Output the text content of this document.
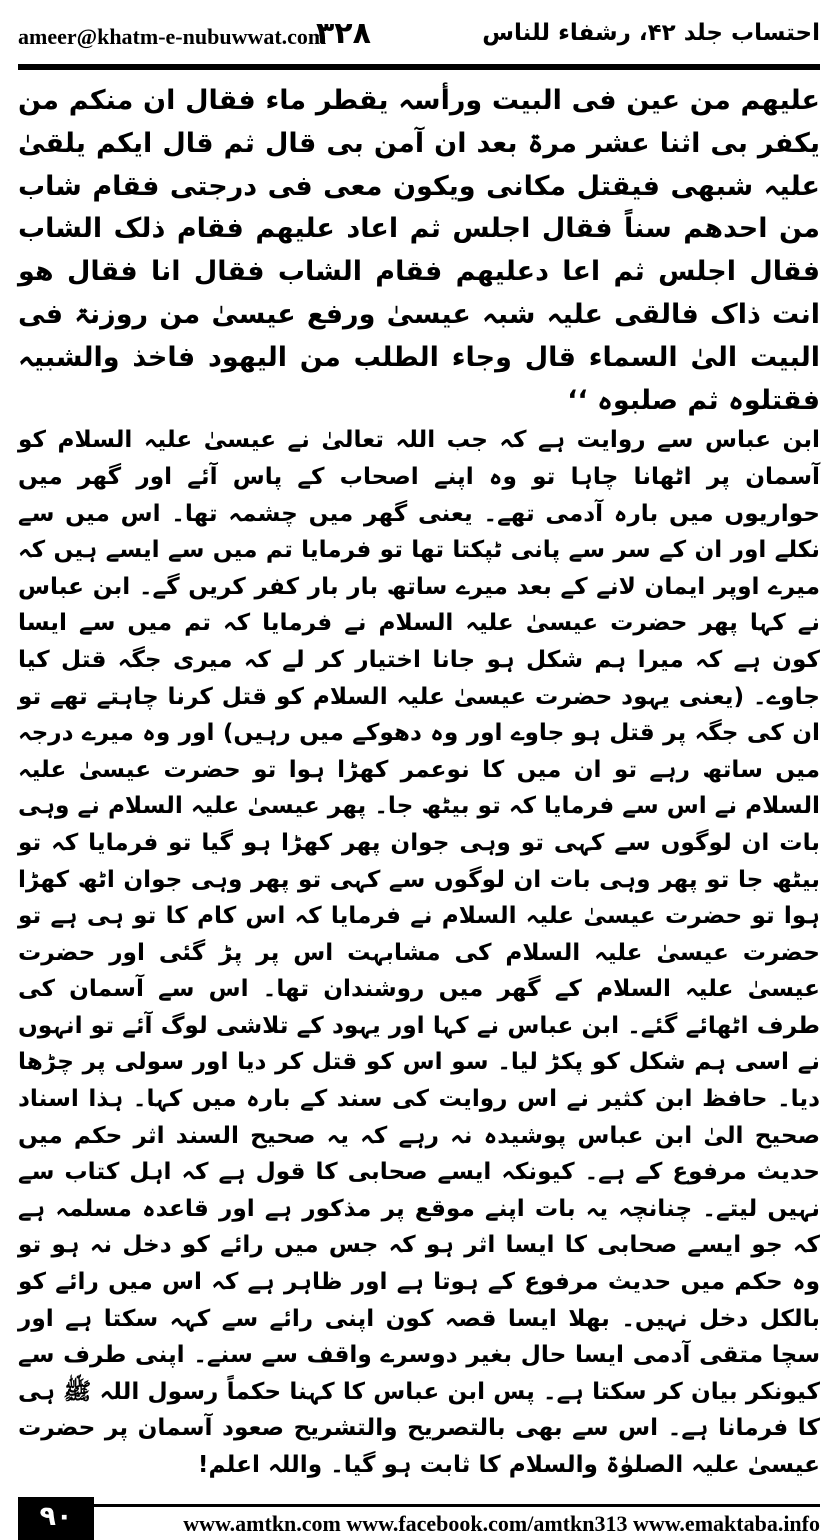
ameer@khatm-e-nubuwwat.com
۳۲۸	احتساب جلد ۴۲، رشفاء للناس

علیھم من عین فی البیت ورأسہ یقطر ماء فقال ان منکم من یکفر بی اثنا عشر مرۃ بعد ان آمن بی قال ثم قال ایکم یلقیٰ علیہ شبھی فیقتل مکانی ویکون معی فی درجتی فقام شاب من احدھم سناً فقال اجلس ثم اعاد علیھم فقام ذلک الشاب فقال اجلس ثم اعا دعلیھم فقام الشاب فقال انا فقال ھو انت ذاک فالقی علیہ شبہ عیسیٰ ورفع عیسیٰ من روزنۃ فی البیت الیٰ السماء قال وجاء الطلب من الیھود فاخذ والشبیہ فقتلوہ ثم صلبوہ ‘‘

ابن عباس سے روایت ہے کہ جب اللہ تعالیٰ نے عیسیٰ علیہ السلام کو آسمان پر اٹھانا چاہا تو وہ اپنے اصحاب کے پاس آئے اور گھر میں حواریوں میں بارہ آدمی تھے۔ یعنی گھر میں چشمہ تھا۔ اس میں سے نکلے اور ان کے سر سے پانی ٹپکتا تھا تو فرمایا تم میں سے ایسے ہیں کہ میرے اوپر ایمان لانے کے بعد میرے ساتھ بار بار کفر کریں گے۔ ابن عباس نے کہا پھر حضرت عیسیٰ علیہ السلام نے فرمایا کہ تم میں سے ایسا کون ہے کہ میرا ہم شکل ہو جانا اختیار کر لے کہ میری جگہ قتل کیا جاوے۔ (یعنی یہود حضرت عیسیٰ علیہ السلام کو قتل کرنا چاہتے تھے تو ان کی جگہ پر قتل ہو جاوے اور وہ دھوکے میں رہیں) اور وہ میرے درجہ میں ساتھ رہے تو ان میں کا نوعمر کھڑا ہوا تو حضرت عیسیٰ علیہ السلام نے اس سے فرمایا کہ تو بیٹھ جا۔ پھر عیسیٰ علیہ السلام نے وہی بات ان لوگوں سے کہی تو وہی جوان پھر کھڑا ہو گیا تو فرمایا کہ تو بیٹھ جا تو پھر وہی بات ان لوگوں سے کہی تو پھر وہی جوان اٹھ کھڑا ہوا تو حضرت عیسیٰ علیہ السلام نے فرمایا کہ اس کام کا تو ہی ہے تو حضرت عیسیٰ علیہ السلام کی مشابہت اس پر پڑ گئی اور حضرت عیسیٰ علیہ السلام کے گھر میں روشندان تھا۔ اس سے آسمان کی طرف اٹھائے گئے۔ ابن عباس نے کہا اور یہود کے تلاشی لوگ آئے تو انہوں نے اسی ہم شکل کو پکڑ لیا۔ سو اس کو قتل کر دیا اور سولی پر چڑھا دیا۔ حافظ ابن کثیر نے اس روایت کی سند کے بارہ میں کہا۔ ہذا اسناد صحیح الیٰ ابن عباس پوشیدہ نہ رہے کہ یہ صحیح السند اثر حکم میں حدیث مرفوع کے ہے۔ کیونکہ ایسے صحابی کا قول ہے کہ اہل کتاب سے نہیں لیتے۔ چنانچہ یہ بات اپنے موقع پر مذکور ہے اور قاعدہ مسلمہ ہے کہ جو ایسے صحابی کا ایسا اثر ہو کہ جس میں رائے کو دخل نہ ہو تو وہ حکم میں حدیث مرفوع کے ہوتا ہے اور ظاہر ہے کہ اس میں رائے کو بالکل دخل نہیں۔ بھلا ایسا قصہ کون اپنی رائے سے کہہ سکتا ہے اور سچا متقی آدمی ایسا حال بغیر دوسرے واقف سے سنے۔ اپنی طرف سے کیونکر بیان کر سکتا ہے۔ پس ابن عباس کا کہنا حکماً رسول اللہ ﷺ ہی کا فرمانا ہے۔ اس سے بھی بالتصریح والتشریح صعود آسمان پر حضرت عیسیٰ علیہ الصلوٰۃ والسلام کا ثابت ہو گیا۔ واللہ اعلم!

۹۰	www.amtkn.com www.facebook.com/amtkn313 www.emaktaba.info
